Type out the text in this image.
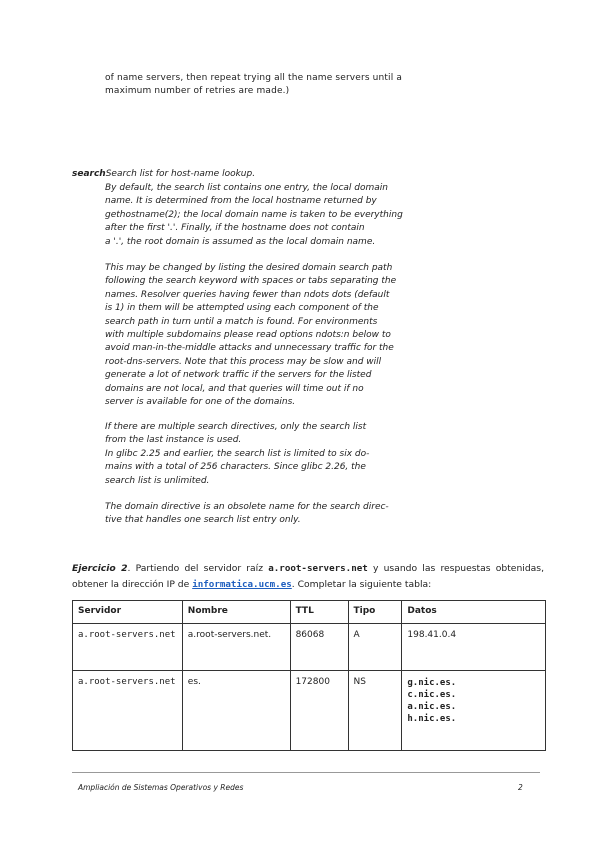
of name servers, then repeat trying all the name servers until a
maximum number of retries are made.)
searchSearch list for host-name lookup.

By default, the search list contains one entry, the local domain

name. It is determined from the local hostname returned by

gethostname(2); the local domain name is taken to be everything

after the first '.'. Finally, if the hostname does not contain

a '.', the root domain is assumed as the local domain name.

This may be changed by listing the desired domain search path

following the search keyword with spaces or tabs separating the

names. Resolver queries having fewer than ndots dots (default

is 1) in them will be attempted using each component of the

search path in turn until a match is found. For environments

with multiple subdomains please read options ndots:n below to

avoid man-in-the-middle attacks and unnecessary traffic for the

root-dns-servers. Note that this process may be slow and will

generate a lot of network traffic if the servers for the listed

domains are not local, and that queries will time out if no

server is available for one of the domains.

If there are multiple search directives, only the search list

from the last instance is used.

In glibc 2.25 and earlier, the search list is limited to six do-

mains with a total of 256 characters. Since glibc 2.26, the

search list is unlimited.

The domain directive is an obsolete name for the search direc-

tive that handles one search list entry only.

Ejercicio 2. Partiendo del servidor raíz a.root-servers.net y usando las respuestas obtenidas, obtener la dirección IP de informatica.ucm.es. Completar la siguiente tabla:
Servidor	Nombre	TTL	Tipo	Datos
a.root-servers.net	a.root-servers.net.	86068	A	198.41.0.4

a.root-servers.net	es.	172800	NS	g.nic.es.
c.nic.es.
a.nic.es.
h.nic.es.
Ampliación de Sistemas Operativos y Redes	2
